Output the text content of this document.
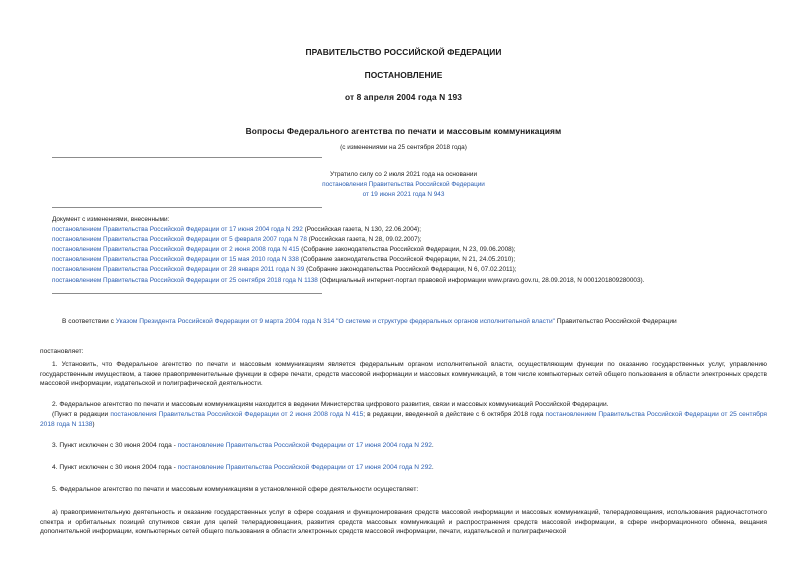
ПРАВИТЕЛЬСТВО РОССИЙСКОЙ ФЕДЕРАЦИИ
ПОСТАНОВЛЕНИЕ
от 8 апреля 2004 года N 193
Вопросы Федерального агентства по печати и массовым коммуникациям
(с изменениями на 25 сентября 2018 года)
Утратило силу со 2 июля 2021 года на основании
постановления Правительства Российской Федерации
от 19 июня 2021 года N 943
Документ с изменениями, внесенными:
постановлением Правительства Российской Федерации от 17 июня 2004 года N 292 (Российская газета, N 130, 22.06.2004);
постановлением Правительства Российской Федерации от 5 февраля 2007 года N 78 (Российская газета, N 28, 09.02.2007);
постановлением Правительства Российской Федерации от 2 июня 2008 года N 415 (Собрание законодательства Российской Федерации, N 23, 09.06.2008);
постановлением Правительства Российской Федерации от 15 мая 2010 года N 338 (Собрание законодательства Российской Федерации, N 21, 24.05.2010);
постановлением Правительства Российской Федерации от 28 января 2011 года N 39 (Собрание законодательства Российской Федерации, N 6, 07.02.2011);
постановлением Правительства Российской Федерации от 25 сентября 2018 года N 1138 (Официальный интернет-портал правовой информации www.pravo.gov.ru, 28.09.2018, N 0001201809280003).
В соответствии с Указом Президента Российской Федерации от 9 марта 2004 года N 314 "О системе и структуре федеральных органов исполнительной власти" Правительство Российской Федерации
постановляет:
1. Установить, что Федеральное агентство по печати и массовым коммуникациям является федеральным органом исполнительной власти, осуществляющим функции по оказанию государственных услуг, управлению государственным имуществом, а также правоприменительные функции в сфере печати, средств массовой информации и массовых коммуникаций, в том числе компьютерных сетей общего пользования в области электронных средств массовой информации, издательской и полиграфической деятельности.
2. Федеральное агентство по печати и массовым коммуникациям находится в ведении Министерства цифрового развития, связи и массовых коммуникаций Российской Федерации.
(Пункт в редакции постановления Правительства Российской Федерации от 2 июня 2008 года N 415; в редакции, введенной в действие с 6 октября 2018 года постановлением Правительства Российской Федерации от 25 сентября 2018 года N 1138)
3. Пункт исключен с 30 июня 2004 года - постановление Правительства Российской Федерации от 17 июня 2004 года N 292.
4. Пункт исключен с 30 июня 2004 года - постановление Правительства Российской Федерации от 17 июня 2004 года N 292.
5. Федеральное агентство по печати и массовым коммуникациям в установленной сфере деятельности осуществляет:
а) правоприменительную деятельность и оказание государственных услуг в сфере создания и функционирования средств массовой информации и массовых коммуникаций, телерадиовещания, использования радиочастотного спектра и орбитальных позиций спутников связи для целей телерадиовещания, развития средств массовых коммуникаций и распространения средств массовой информации, в сфере информационного обмена, вещания дополнительной информации, компьютерных сетей общего пользования в области электронных средств массовой информации, печати, издательской и полиграфической
